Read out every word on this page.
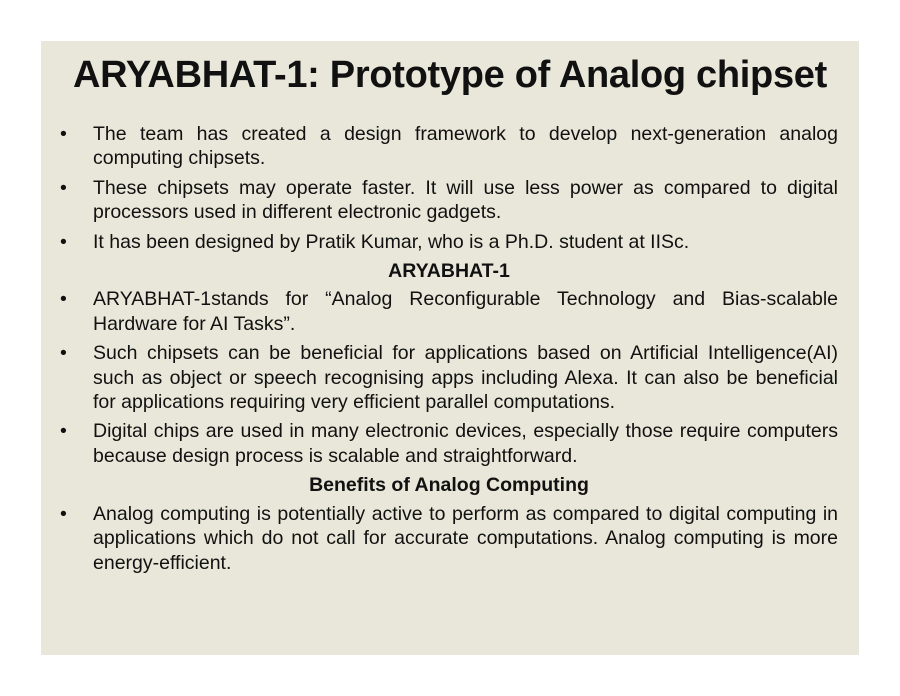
ARYABHAT-1: Prototype of Analog chipset
•	The team has created a design framework to develop next-generation analog computing chipsets.
•	These chipsets may operate faster. It will use less power as compared to digital processors used in different electronic gadgets.
•	It has been designed by Pratik Kumar, who is a Ph.D. student at IISc.
ARYABHAT-1
•	ARYABHAT-1stands for “Analog Reconfigurable Technology and Bias-scalable Hardware for AI Tasks”.
•	Such chipsets can be beneficial for applications based on Artificial Intelligence(AI) such as object or speech recognising apps including Alexa. It can also be beneficial for applications requiring very efficient parallel computations.
•	Digital chips are used in many electronic devices, especially those require computers because design process is scalable and straightforward.
Benefits of Analog Computing
•	Analog computing is potentially active to perform as compared to digital computing in applications which do not call for accurate computations. Analog computing is more energy-efficient.
